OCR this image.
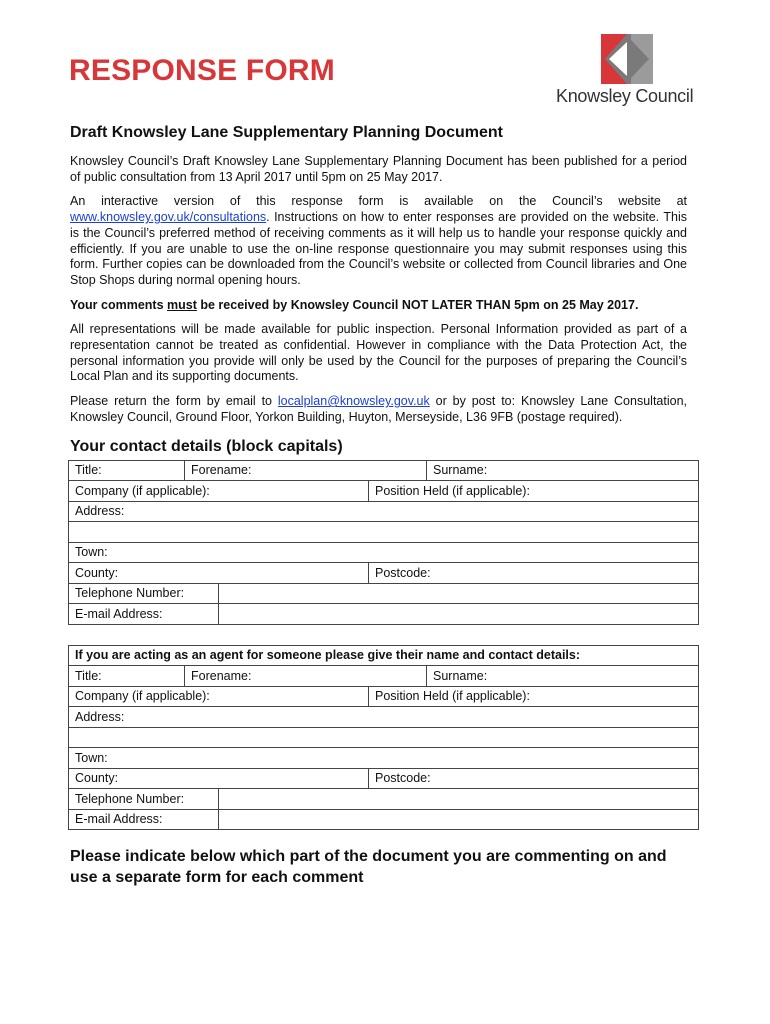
RESPONSE FORM
Knowsley Council
Draft Knowsley Lane Supplementary Planning Document

Knowsley Council’s Draft Knowsley Lane Supplementary Planning Document has been published for a period of public consultation from 13 April 2017 until 5pm on 25 May 2017.

An interactive version of this response form is available on the Council’s website at www.knowsley.gov.uk/consultations. Instructions on how to enter responses are provided on the website. This is the Council’s preferred method of receiving comments as it will help us to handle your response quickly and efficiently. If you are unable to use the on-line response questionnaire you may submit responses using this form. Further copies can be downloaded from the Council’s website or collected from Council libraries and One Stop Shops during normal opening hours.

Your comments must be received by Knowsley Council NOT LATER THAN 5pm on 25 May 2017.

All representations will be made available for public inspection. Personal Information provided as part of a representation cannot be treated as confidential. However in compliance with the Data Protection Act, the personal information you provide will only be used by the Council for the purposes of preparing the Council’s Local Plan and its supporting documents.

Please return the form by email to localplan@knowsley.gov.uk or by post to: Knowsley Lane Consultation, Knowsley Council, Ground Floor, Yorkon Building, Huyton, Merseyside, L36 9FB (postage required).

Your contact details (block capitals)
Title:	Forename:			Surname:
Company (if applicable):			Position Held (if applicable):	
Address:				

Town:				
County:			Postcode:	
Telephone Number:				
E-mail Address:				
If you are acting as an agent for someone please give their name and contact details:				
Title:	Forename:			Surname:
Company (if applicable):			Position Held (if applicable):	
Address:				

Town:				
County:			Postcode:	
Telephone Number:				
E-mail Address:				
Please indicate below which part of the document you are commenting on and use a separate form for each comment
